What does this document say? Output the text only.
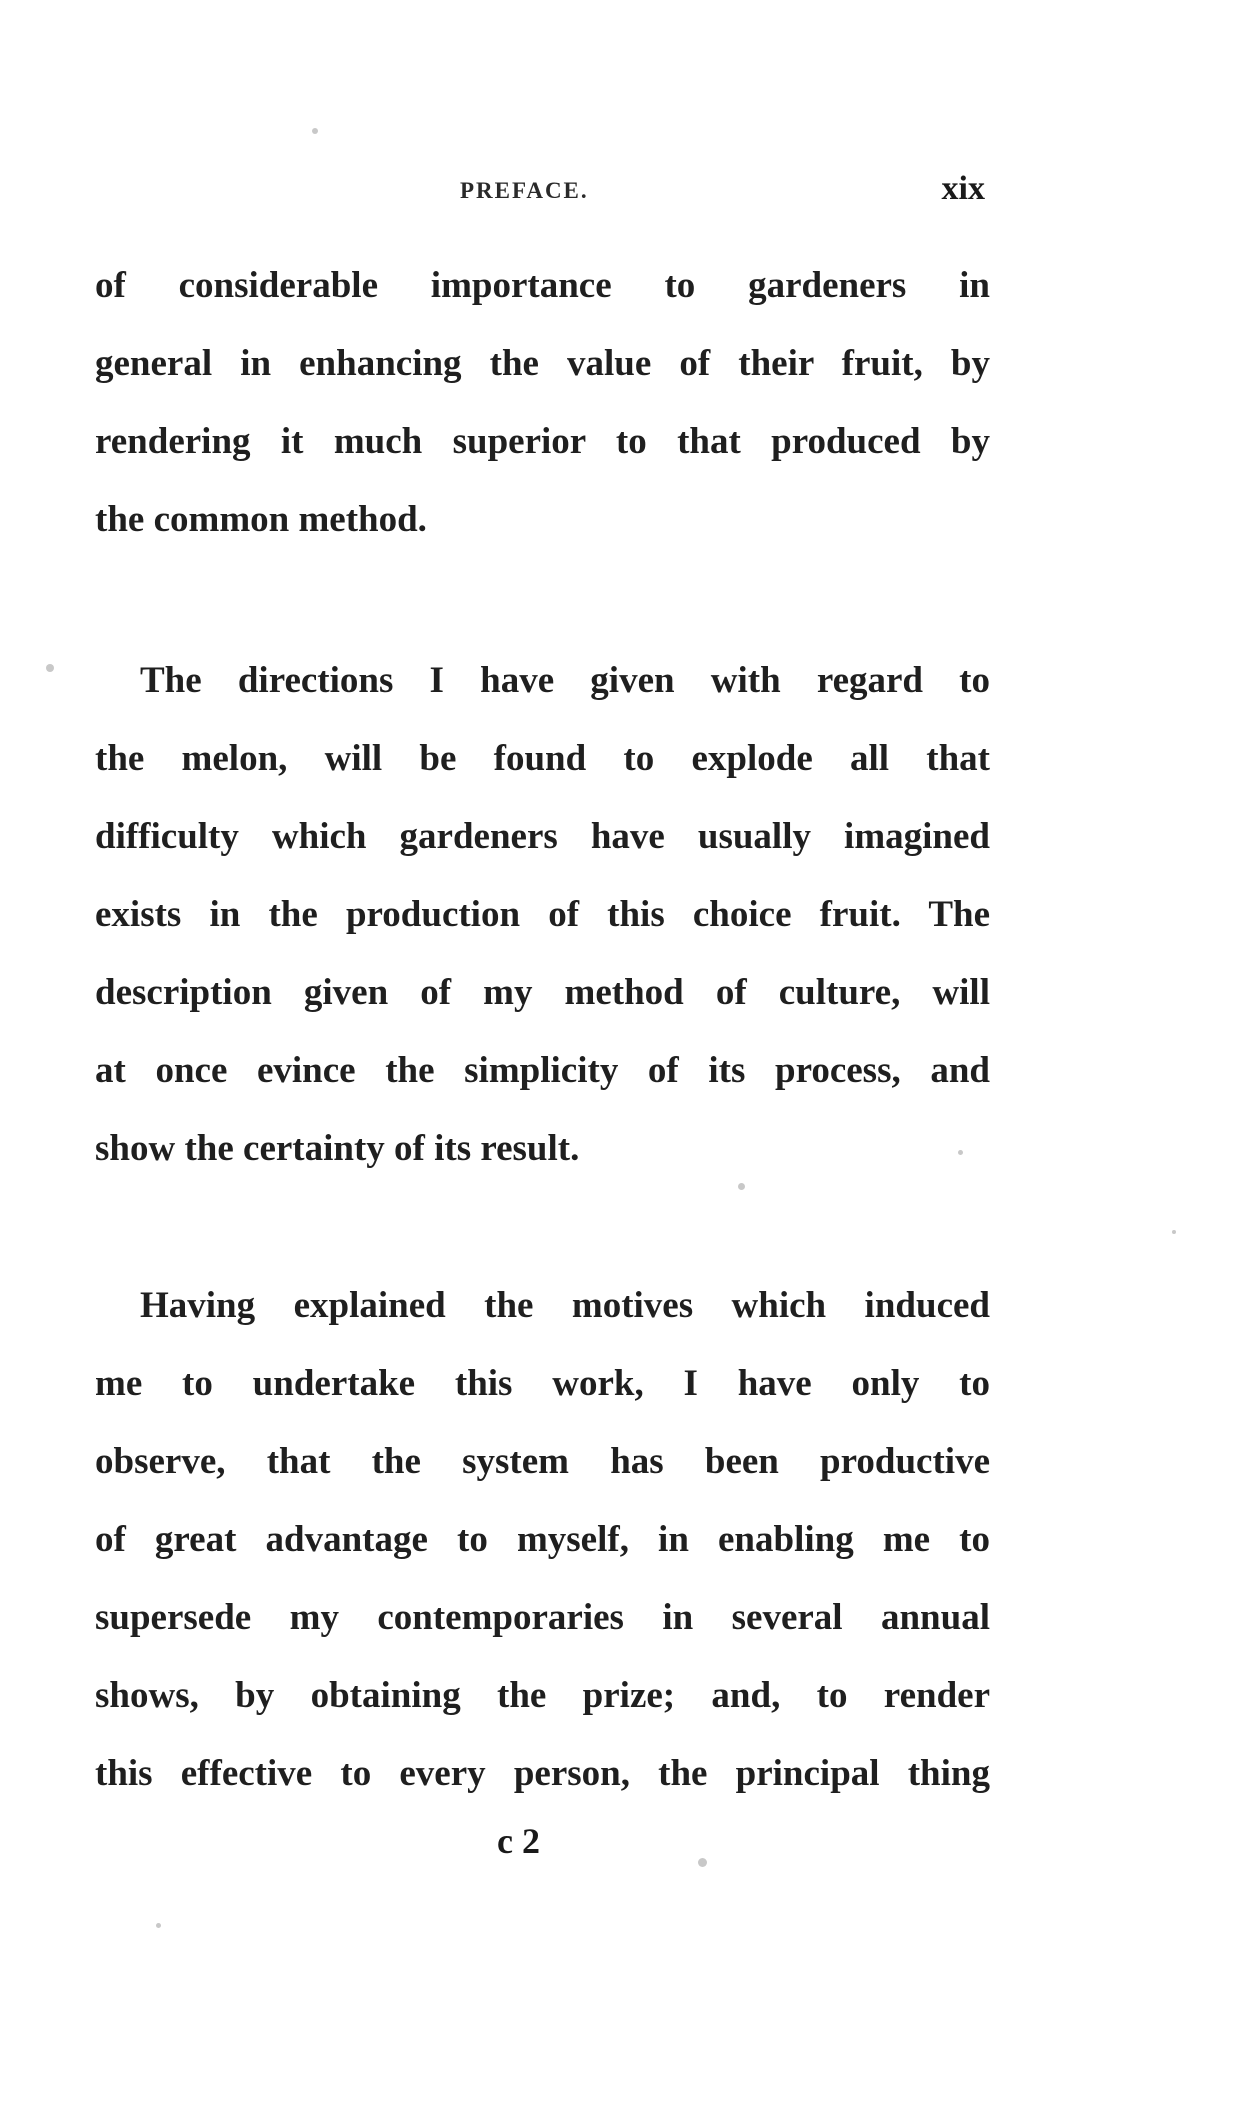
PREFACE.	xix
of considerable importance to gardeners in
general in enhancing the value of their fruit, by
rendering it much superior to that produced by
the common method.
The directions I have given with regard to
the melon, will be found to explode all that
difficulty which gardeners have usually imagined
exists in the production of this choice fruit. The
description given of my method of culture, will
at once evince the simplicity of its process, and
show the certainty of its result.
Having explained the motives which induced
me to undertake this work, I have only to
observe, that the system has been productive
of great advantage to myself, in enabling me to
supersede my contemporaries in several annual
shows, by obtaining the prize; and, to render
this effective to every person, the principal thing
c 2
